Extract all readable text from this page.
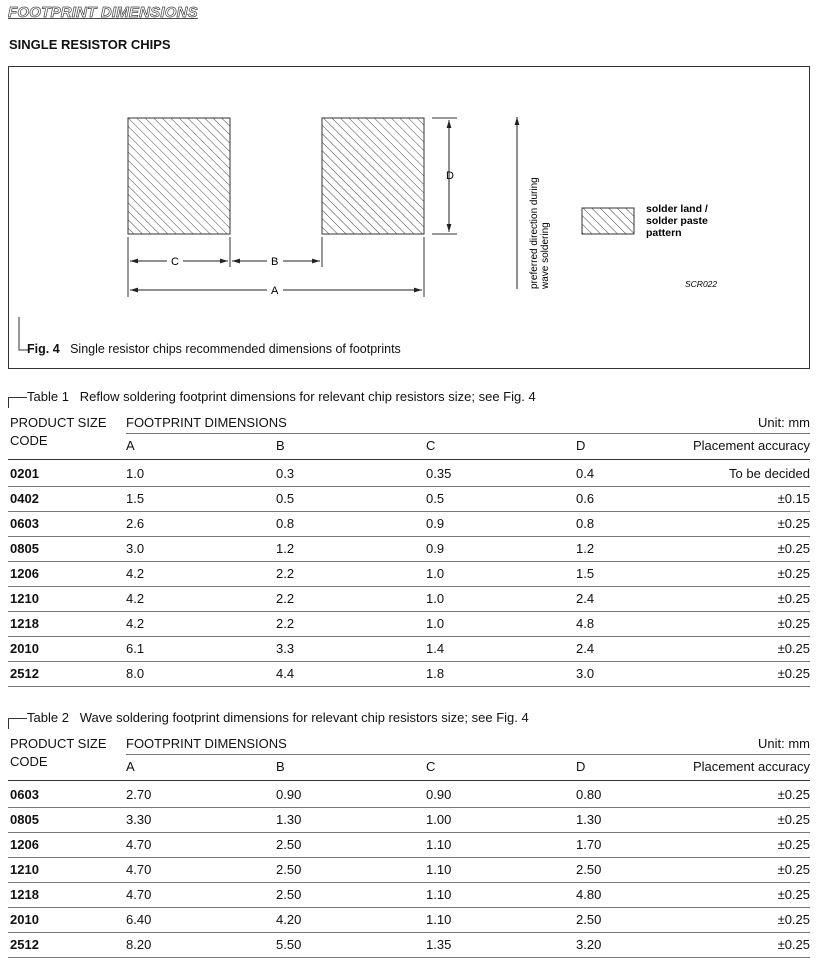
FOOTPRINT DIMENSIONS
SINGLE RESISTOR CHIPS
D
C	B
A
preferred direction during wave soldering
solder land /
solder paste
pattern
SCR022
Fig. 4 Single resistor chips recommended dimensions of footprints
Table 1 Reflow soldering footprint dimensions for relevant chip resistors size; see Fig. 4
PRODUCT SIZE
CODE
FOOTPRINT DIMENSIONS	Unit: mm
A	B	C	D	Placement accuracy
0201	1.0	0.3	0.35	0.4	To be decided
0402	1.5	0.5	0.5	0.6	±0.15
0603	2.6	0.8	0.9	0.8	±0.25
0805	3.0	1.2	0.9	1.2	±0.25
1206	4.2	2.2	1.0	1.5	±0.25
1210	4.2	2.2	1.0	2.4	±0.25
1218	4.2	2.2	1.0	4.8	±0.25
2010	6.1	3.3	1.4	2.4	±0.25
2512	8.0	4.4	1.8	3.0	±0.25
Table 2 Wave soldering footprint dimensions for relevant chip resistors size; see Fig. 4
PRODUCT SIZE
CODE
FOOTPRINT DIMENSIONS	Unit: mm
A	B	C	D	Placement accuracy
0603	2.70	0.90	0.90	0.80	±0.25
0805	3.30	1.30	1.00	1.30	±0.25
1206	4.70	2.50	1.10	1.70	±0.25
1210	4.70	2.50	1.10	2.50	±0.25
1218	4.70	2.50	1.10	4.80	±0.25
2010	6.40	4.20	1.10	2.50	±0.25
2512	8.20	5.50	1.35	3.20	±0.25
